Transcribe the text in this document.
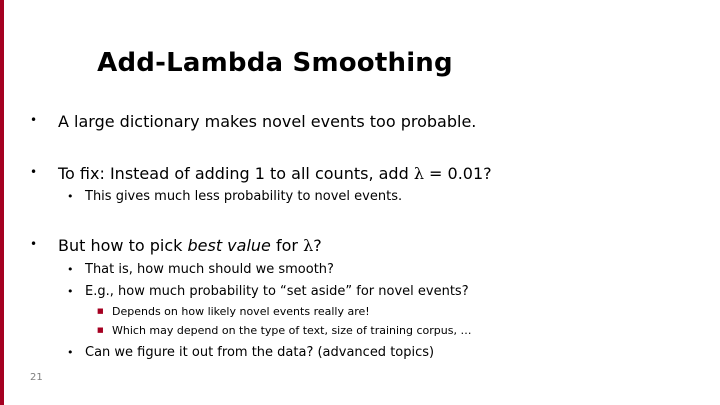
Add-Lambda Smoothing
• A large dictionary makes novel events too probable.
• To fix: Instead of adding 1 to all counts, add λ = 0.01?
• This gives much less probability to novel events.
• But how to pick best value for λ?
• That is, how much should we smooth?
• E.g., how much probability to “set aside” for novel events?
■ Depends on how likely novel events really are!
■ Which may depend on the type of text, size of training corpus, …
• Can we figure it out from the data? (advanced topics)
21
